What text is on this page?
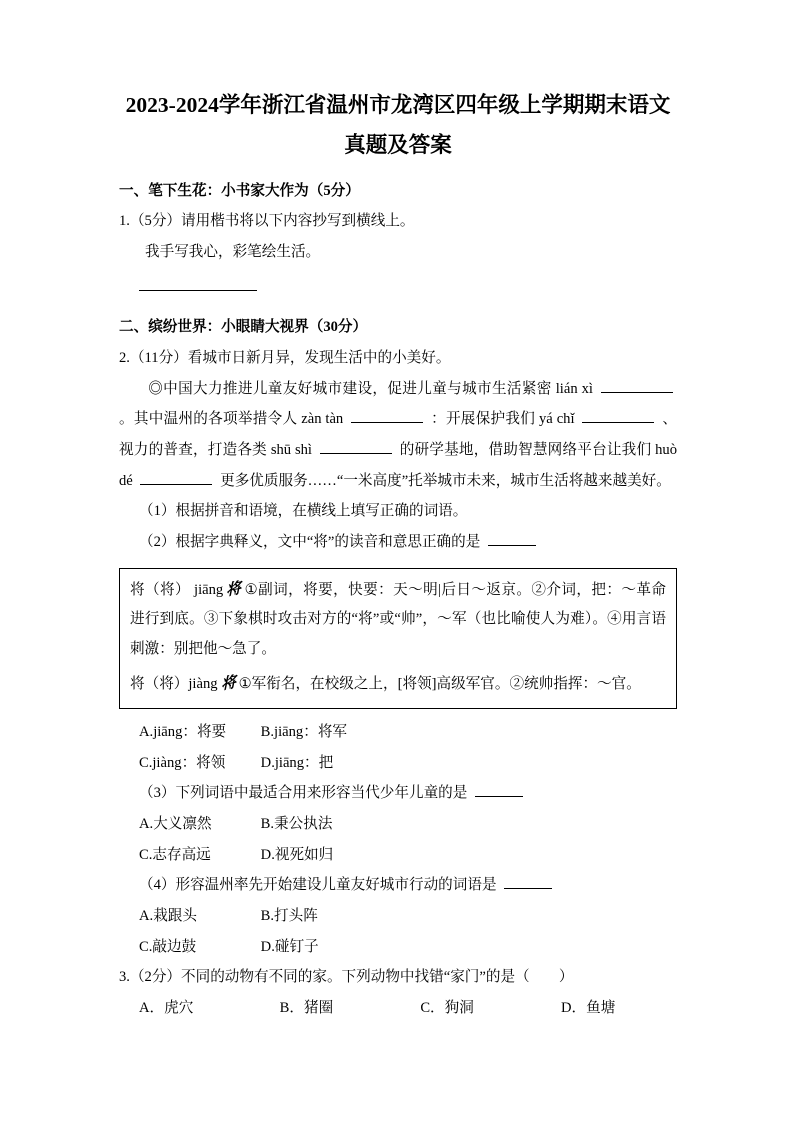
2023-2024学年浙江省温州市龙湾区四年级上学期期末语文
真题及答案
一、笔下生花：小书家大作为（5分）
1.（5分）请用楷书将以下内容抄写到横线上。
我手写我心，彩笔绘生活。
二、缤纷世界：小眼睛大视界（30分）
2.（11分）看城市日新月异，发现生活中的小美好。

◎中国大力推进儿童友好城市建设，促进儿童与城市生活紧密 lián xì  。其中温州的各项举措令人 zàn tàn	：开展保护我们 yá chǐ	、视力的普查，打造各类 shū shì	的研学基地，借助智慧网络平台让我们 huò dé	更多优质服务……“一米高度”托举城市未来，城市生活将越来越美好。

（1）根据拼音和语境，在横线上填写正确的词语。
（2）根据字典释义，文中“将”的读音和意思正确的是

将（将） jiāng 将 ①副词，将要，快要：天～明|后日～返京。②介词，把：～革命进行到底。③下象棋时攻击对方的“将”或“帅”，～军（也比喻使人为难）。④用言语刺激：别把他～急了。

将（将）jiàng 将 ①军衔名，在校级之上，[将领]高级军官。②统帅指挥：～官。

A.jiāng：将要 B.jiāng：将军
C.jiàng：将领 D.jiāng：把
（3）下列词语中最适合用来形容当代少年儿童的是
A.大义凛然	B.秉公执法
C.志存高远	D.视死如归
（4）形容温州率先开始建设儿童友好城市行动的词语是
A.栽跟头	B.打头阵
C.敲边鼓	D.碰钉子
3.（2分）不同的动物有不同的家。下列动物中找错“家门”的是（　　）
A．虎穴	B．猪圈	C．狗洞	D．鱼塘
